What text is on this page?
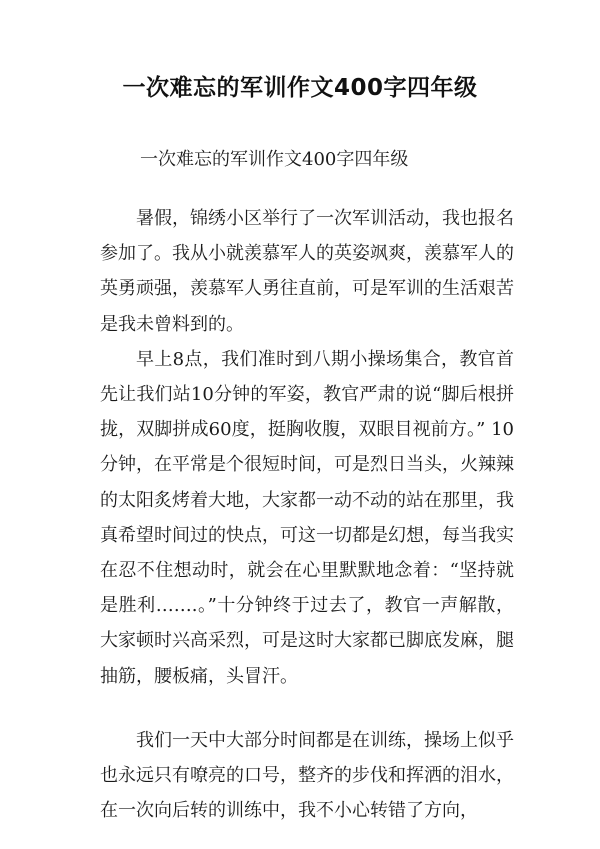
一次难忘的军训作文400字四年级

一次难忘的军训作文400字四年级

暑假，锦绣小区举行了一次军训活动，我也报名参加了。我从小就羡慕军人的英姿飒爽，羡慕军人的英勇顽强，羡慕军人勇往直前，可是军训的生活艰苦是我未曾料到的。

早上8点，我们准时到八期小操场集合，教官首先让我们站10分钟的军姿，教官严肃的说“脚后根拼拢，双脚拼成60度，挺胸收腹，双眼目视前方。” 10分钟，在平常是个很短时间，可是烈日当头，火辣辣的太阳炙烤着大地，大家都一动不动的站在那里，我真希望时间过的快点，可这一切都是幻想，每当我实在忍不住想动时，就会在心里默默地念着：“坚持就是胜利…….。”十分钟终于过去了，教官一声解散，大家顿时兴高采烈，可是这时大家都已脚底发麻，腿抽筋，腰板痛，头冒汗。

我们一天中大部分时间都是在训练，操场上似乎也永远只有嘹亮的口号，整齐的步伐和挥洒的泪水，在一次向后转的训练中，我不小心转错了方向，
